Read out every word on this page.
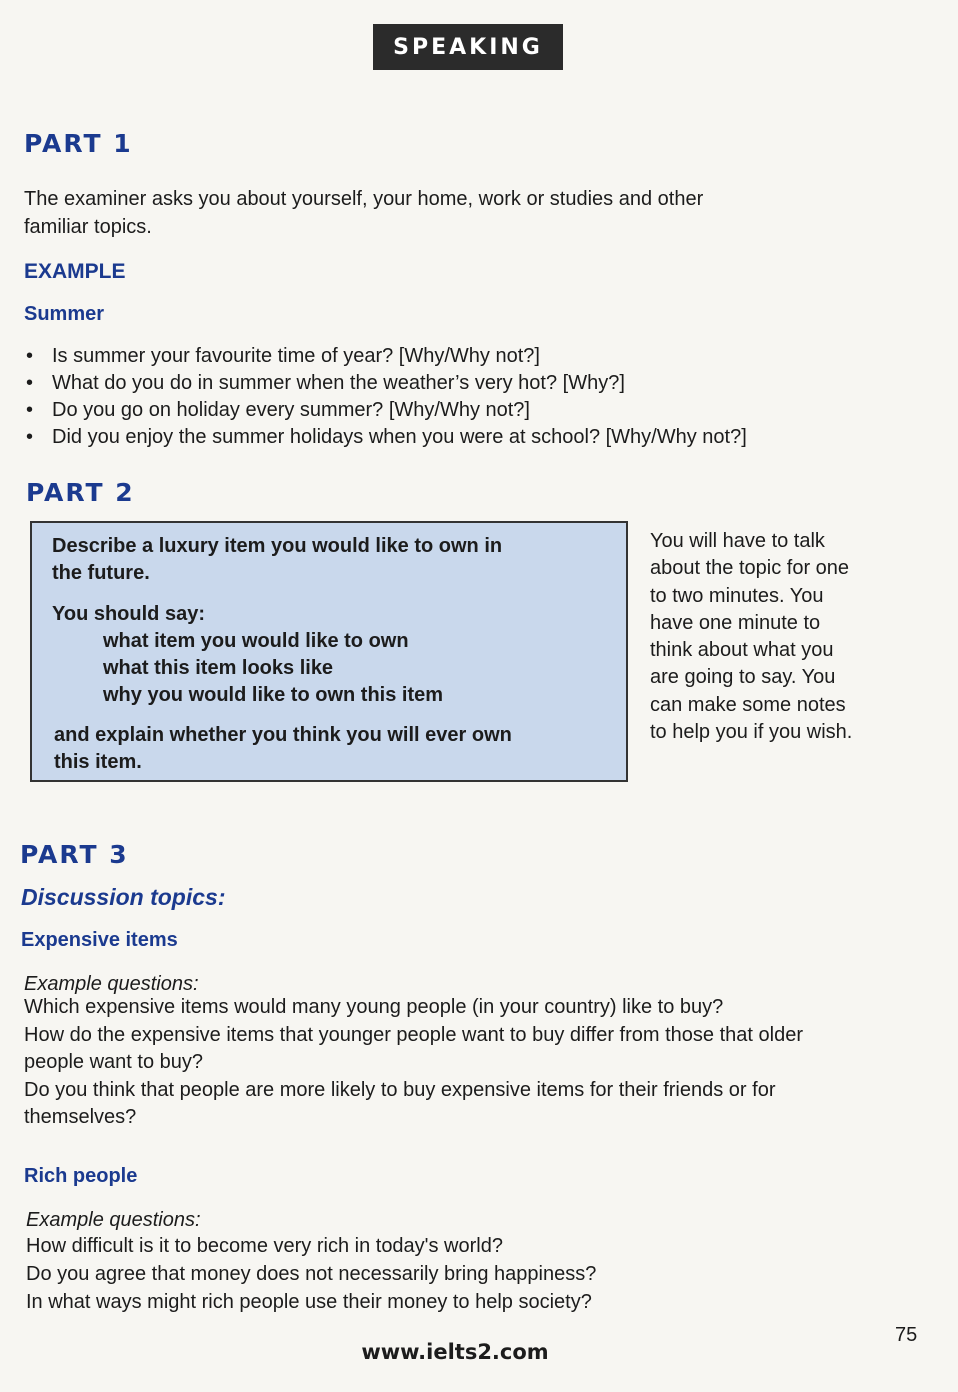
SPEAKING
PART 1
The examiner asks you about yourself, your home, work or studies and other
familiar topics.
EXAMPLE
Summer
• Is summer your favourite time of year? [Why/Why not?]
• What do you do in summer when the weather’s very hot? [Why?]
• Do you go on holiday every summer? [Why/Why not?]
• Did you enjoy the summer holidays when you were at school? [Why/Why not?]
PART 2
Describe a luxury item you would like to own in
the future.
You should say:
what item you would like to own
what this item looks like
why you would like to own this item
and explain whether you think you will ever own
this item.
You will have to talk
about the topic for one
to two minutes. You
have one minute to
think about what you
are going to say. You
can make some notes
to help you if you wish.
PART 3
Discussion topics:
Expensive items
Example questions:
Which expensive items would many young people (in your country) like to buy?
How do the expensive items that younger people want to buy differ from those that older
people want to buy?
Do you think that people are more likely to buy expensive items for their friends or for
themselves?
Rich people
Example questions:
How difficult is it to become very rich in today's world?
Do you agree that money does not necessarily bring happiness?
In what ways might rich people use their money to help society?
75
www.ielts2.com
